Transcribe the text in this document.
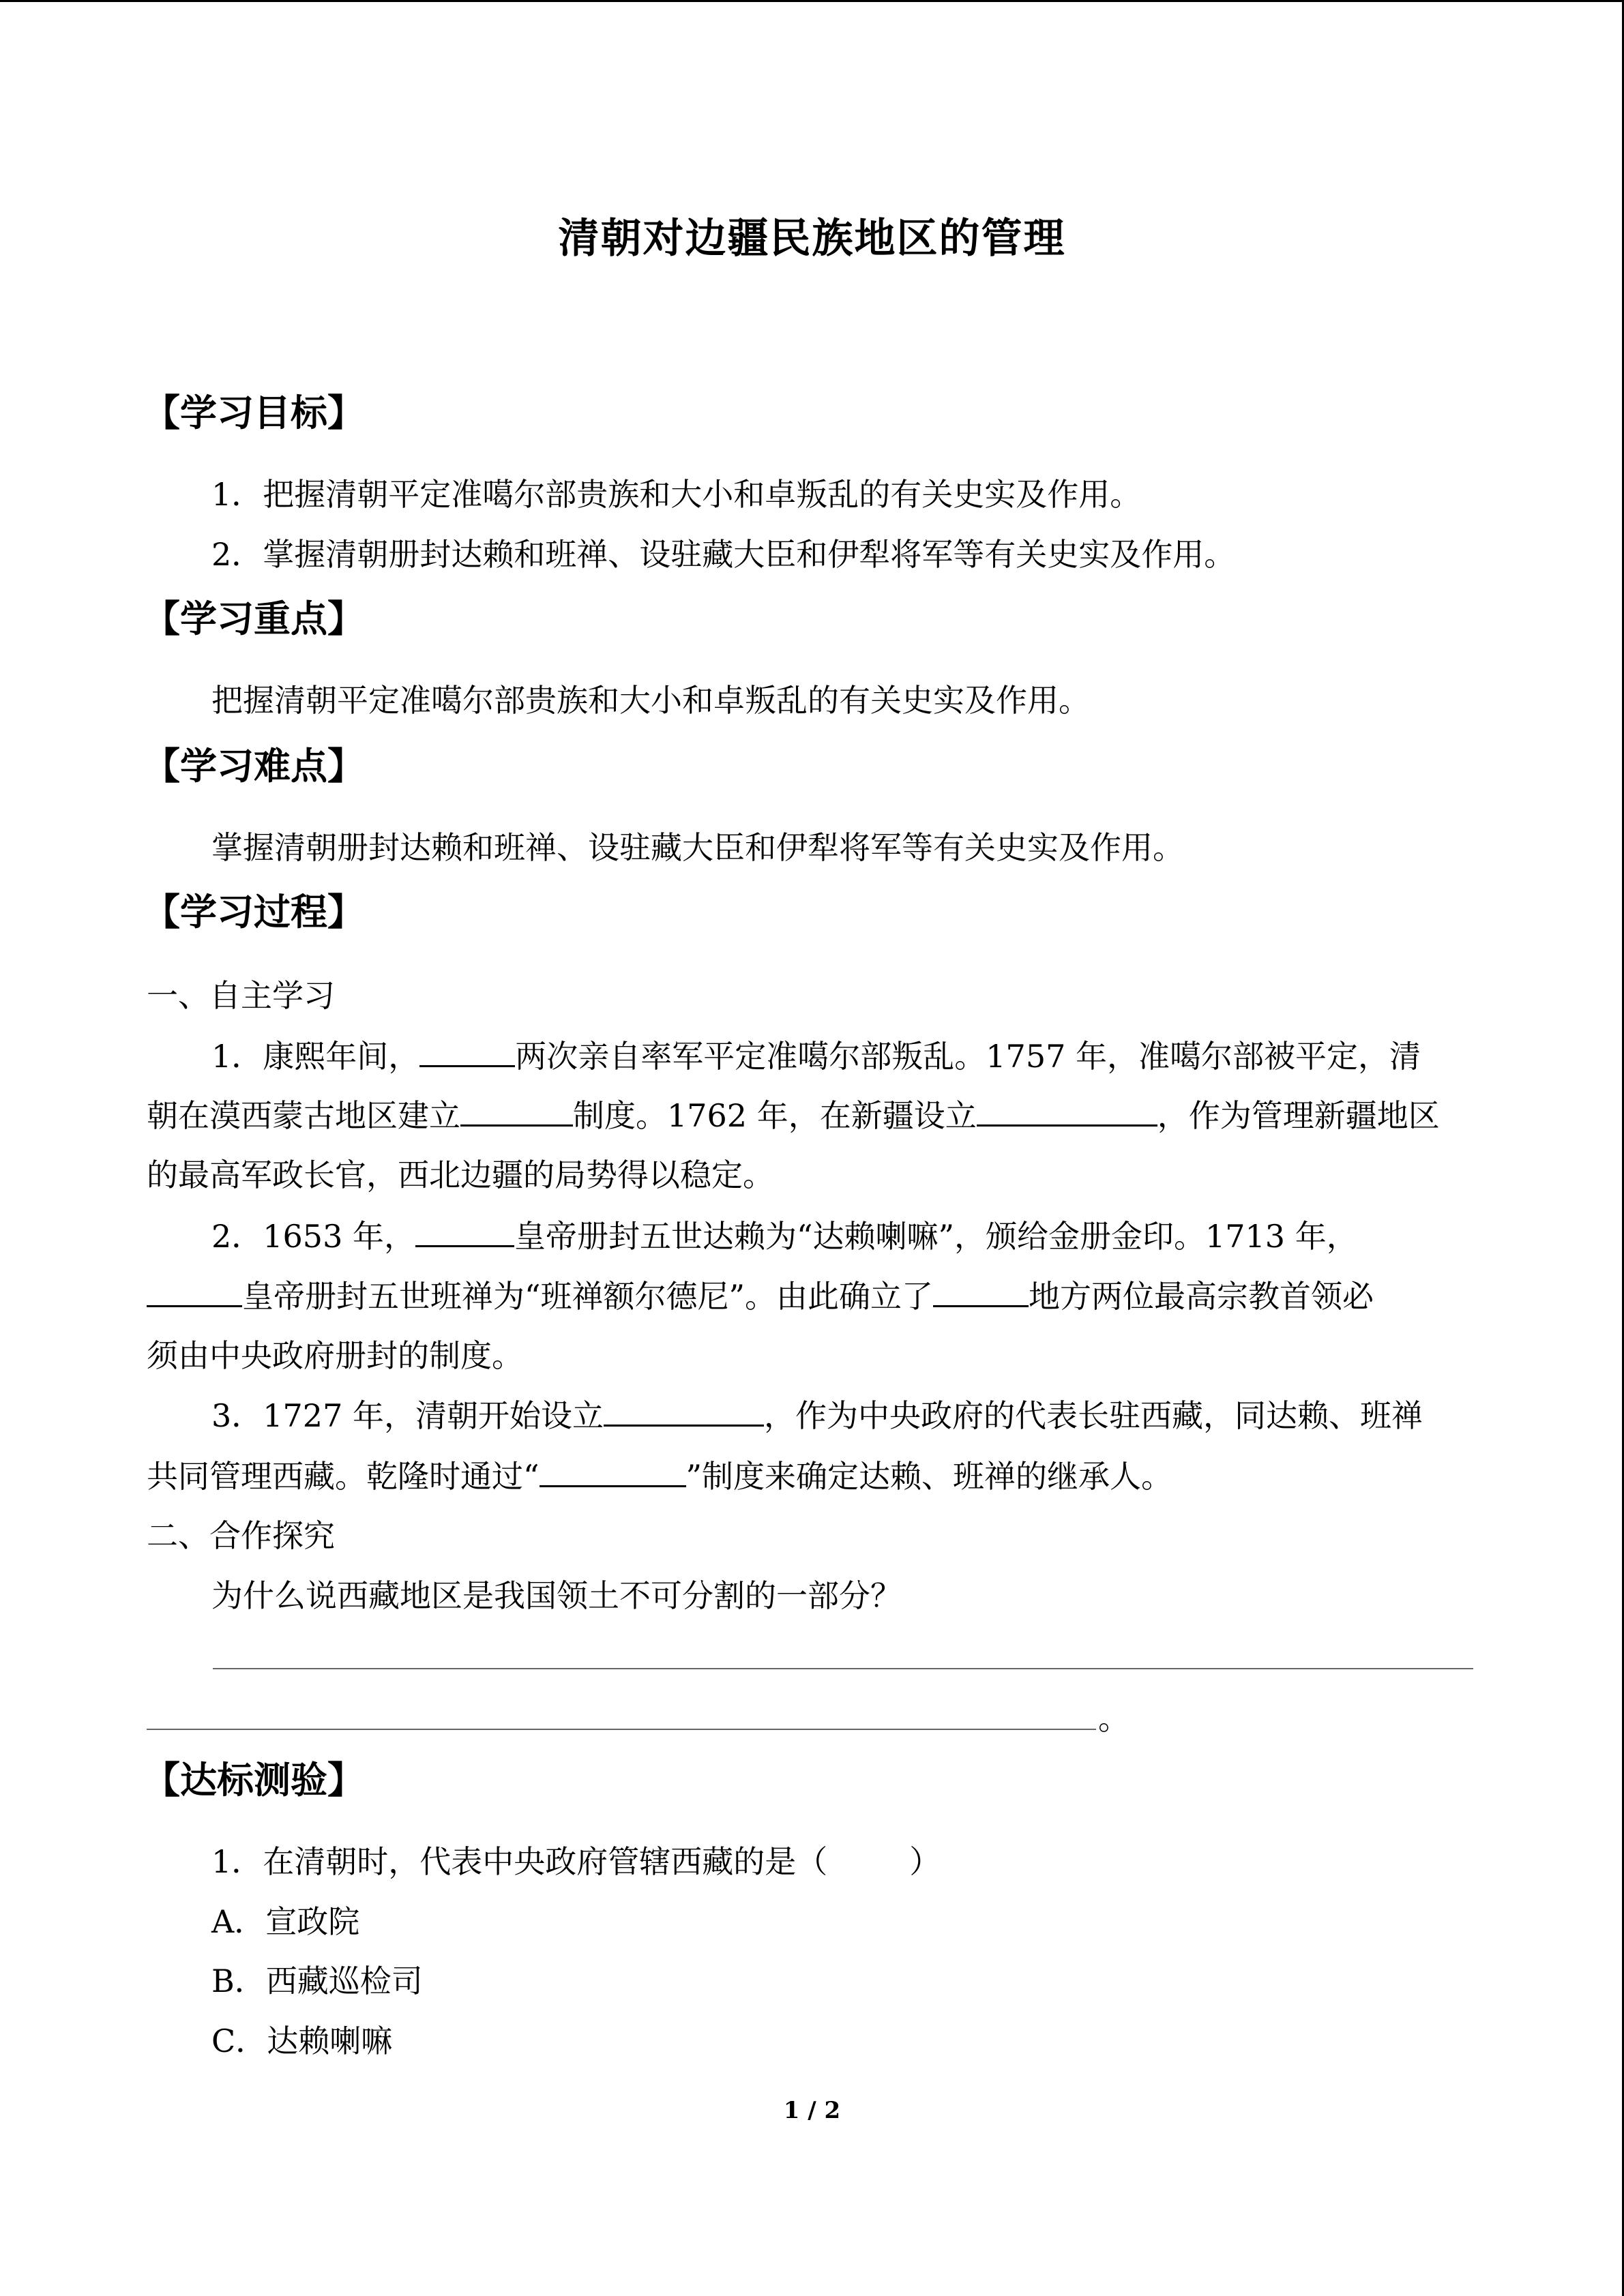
清朝对边疆民族地区的管理
【学习目标】
1．把握清朝平定准噶尔部贵族和大小和卓叛乱的有关史实及作用。
2．掌握清朝册封达赖和班禅、设驻藏大臣和伊犁将军等有关史实及作用。
【学习重点】
把握清朝平定准噶尔部贵族和大小和卓叛乱的有关史实及作用。
【学习难点】
掌握清朝册封达赖和班禅、设驻藏大臣和伊犁将军等有关史实及作用。
【学习过程】
一、自主学习
1．康熙年间，	两次亲自率军平定准噶尔部叛乱。1757 年，准噶尔部被平定，清
朝在漠西蒙古地区建立	制度。1762 年，在新疆设立	，作为管理新疆地区
的最高军政长官，西北边疆的局势得以稳定。
2．1653 年，	皇帝册封五世达赖为“达赖喇嘛”，颁给金册金印。1713 年，
皇帝册封五世班禅为“班禅额尔德尼”。由此确立了	地方两位最高宗教首领必
须由中央政府册封的制度。
3．1727 年，清朝开始设立	，作为中央政府的代表长驻西藏，同达赖、班禅
共同管理西藏。乾隆时通过“	”制度来确定达赖、班禅的继承人。
二、合作探究
为什么说西藏地区是我国领土不可分割的一部分？
。
【达标测验】
1．在清朝时，代表中央政府管辖西藏的是（	）
A．宣政院
B．西藏巡检司
C．达赖喇嘛
1 / 2
